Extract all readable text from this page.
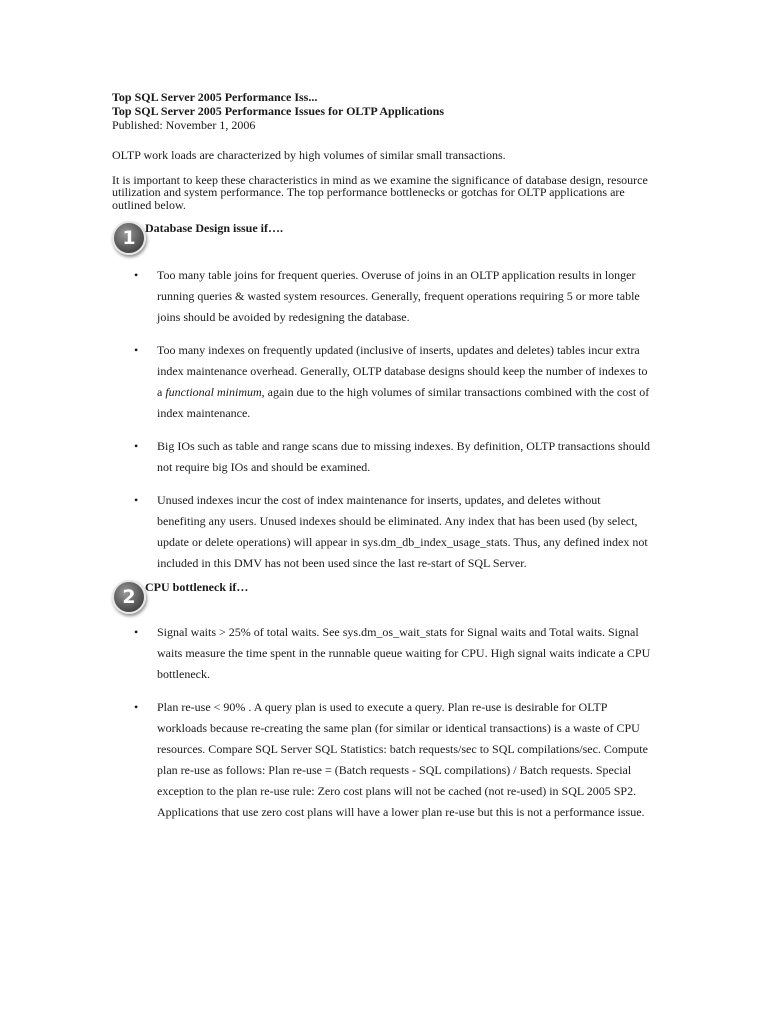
Top SQL Server 2005 Performance Iss...

Top SQL Server 2005 Performance Issues for OLTP Applications

Published: November 1, 2006

OLTP work loads are characterized by high volumes of similar small transactions.

It is important to keep these characteristics in mind as we examine the significance of database design, resource utilization and system performance. The top performance bottlenecks or gotchas for OLTP applications are outlined below.

1 Database Design issue if….
• Too many table joins for frequent queries. Overuse of joins in an OLTP application results in longer running queries & wasted system resources. Generally, frequent operations requiring 5 or more table joins should be avoided by redesigning the database.
• Too many indexes on frequently updated (inclusive of inserts, updates and deletes) tables incur extra index maintenance overhead. Generally, OLTP database designs should keep the number of indexes to a functional minimum, again due to the high volumes of similar transactions combined with the cost of index maintenance.
• Big IOs such as table and range scans due to missing indexes. By definition, OLTP transactions should not require big IOs and should be examined.
• Unused indexes incur the cost of index maintenance for inserts, updates, and deletes without benefiting any users. Unused indexes should be eliminated. Any index that has been used (by select, update or delete operations) will appear in sys.dm_db_index_usage_stats. Thus, any defined index not included in this DMV has not been used since the last re-start of SQL Server.
2 CPU bottleneck if…
• Signal waits > 25% of total waits. See sys.dm_os_wait_stats for Signal waits and Total waits. Signal waits measure the time spent in the runnable queue waiting for CPU. High signal waits indicate a CPU bottleneck.
• Plan re-use < 90% . A query plan is used to execute a query. Plan re-use is desirable for OLTP workloads because re-creating the same plan (for similar or identical transactions) is a waste of CPU resources. Compare SQL Server SQL Statistics: batch requests/sec to SQL compilations/sec. Compute plan re-use as follows: Plan re-use = (Batch requests - SQL compilations) / Batch requests. Special exception to the plan re-use rule: Zero cost plans will not be cached (not re-used) in SQL 2005 SP2. Applications that use zero cost plans will have a lower plan re-use but this is not a performance issue.
